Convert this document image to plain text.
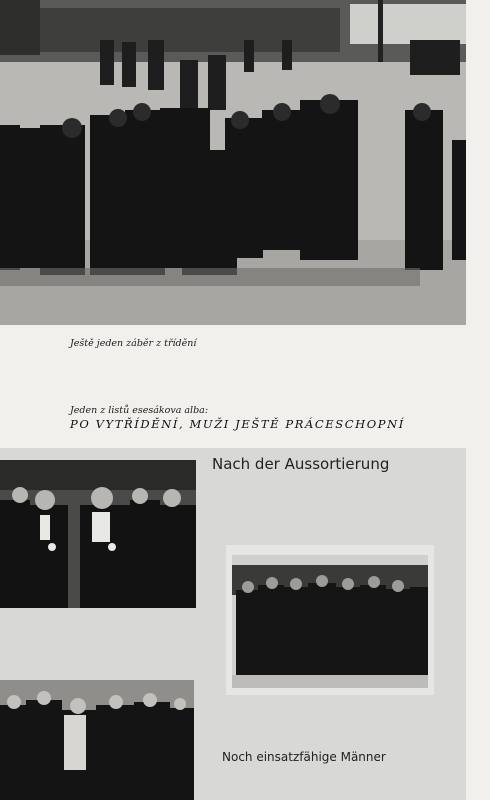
Ještě jeden záběr z třídění
Jeden z listů esesákova alba:
PO VYTŘÍDĚNÍ, MUŽI JEŠTĚ PRÁCESCHOPNÍ
Nach der Aussortierung
Noch einsatzfähige Männer
